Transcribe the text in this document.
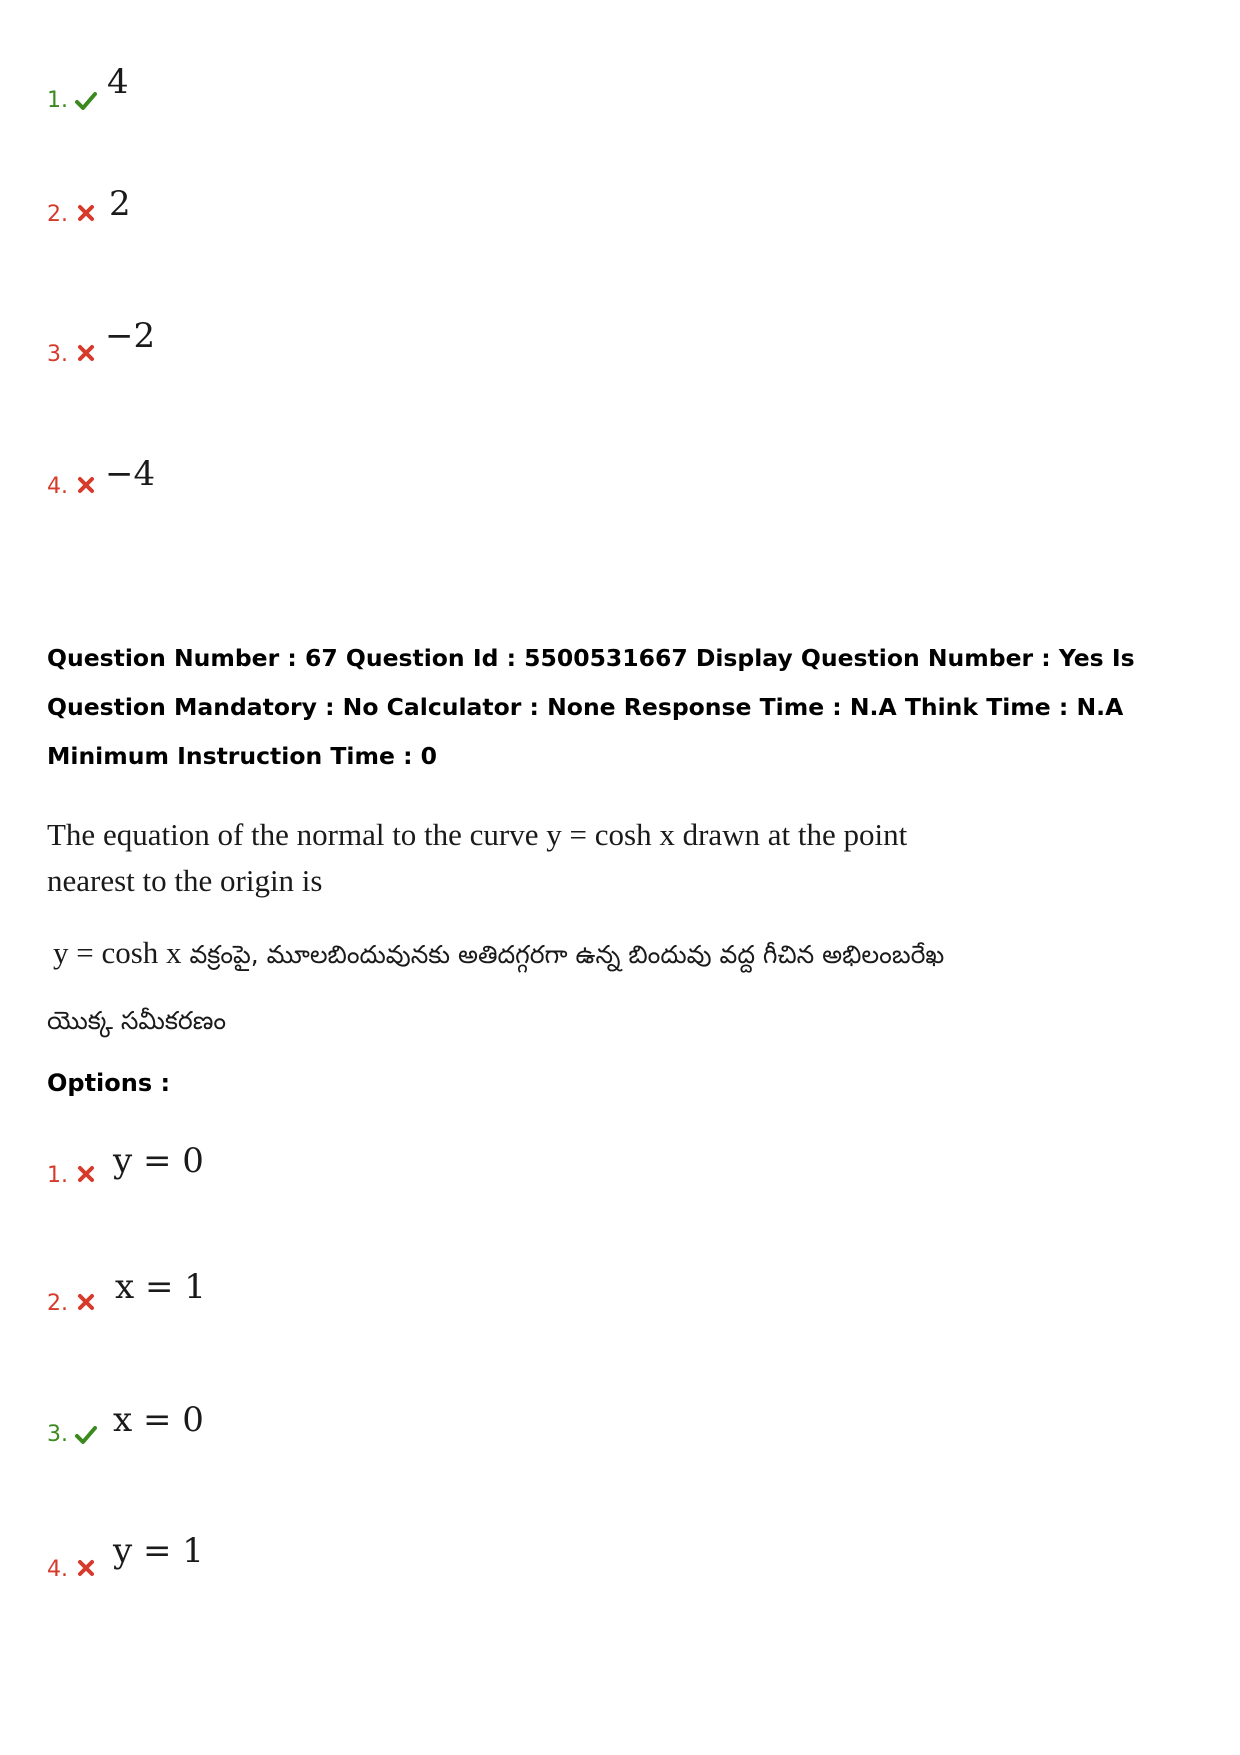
1. 4
2. 2
3. −2
4. −4
Question Number : 67 Question Id : 5500531667 Display Question Number : Yes Is Question Mandatory : No Calculator : None Response Time : N.A Think Time : N.A Minimum Instruction Time : 0
The equation of the normal to the curve y = cosh x drawn at the point nearest to the origin is
y = cosh x వక్రంపై, మూలబిందువునకు అతిదగ్గరగా ఉన్న బిందువు వద్ద గీచిన అభిలంబరేఖ యొక్క సమీకరణం
Options :
1. y = 0
2. x = 1
3. x = 0
4. y = 1
